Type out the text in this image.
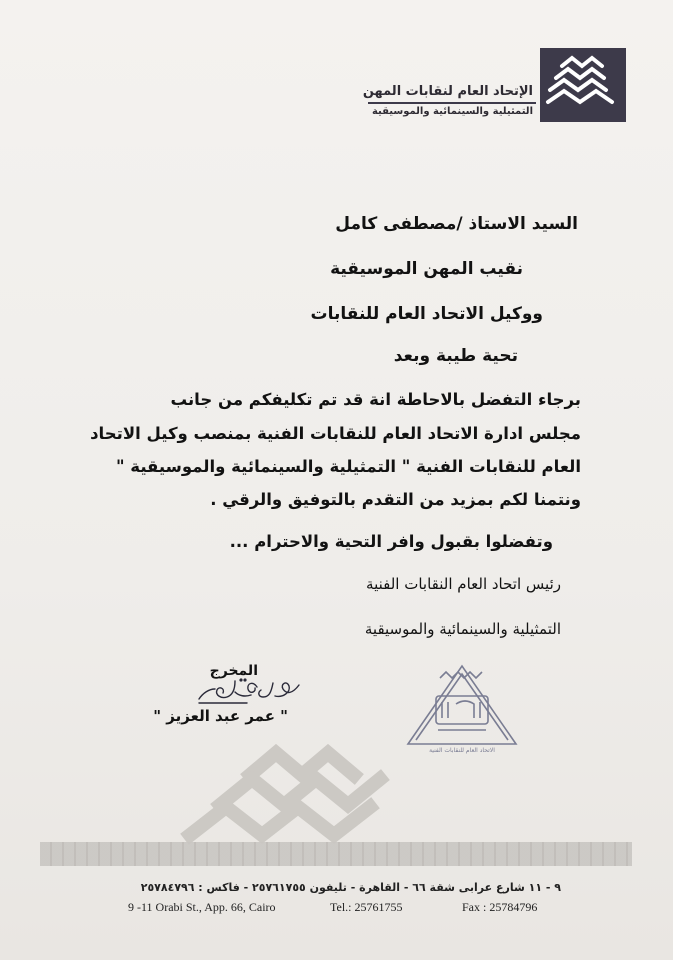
الإتحاد العام لنقابات المهن
التمثيلية والسينمائية والموسيقية
السيد الاستاذ /مصطفى كامل
نقيب المهن الموسيقية
ووكيل الاتحاد العام للنقابات
تحية طيبة وبعد
برجاء التفضل بالاحاطة انة قد تم تكليفكم من جانب
مجلس ادارة الاتحاد العام للنقابات الفنية بمنصب وكيل الاتحاد
العام للنقابات الفنية " التمثيلية والسينمائية والموسيقية "
ونتمنا لكم بمزيد من التقدم بالتوفيق والرقي .
وتفضلوا بقبول وافر التحية والاحترام ...
رئيس اتحاد العام النقابات الفنية
التمثيلية والسينمائية والموسيقية
المخرج
" عمر عبد العزيز "
الاتحاد العام للنقابات الفنية
٩ - ١١ شارع عرابى شقة ٦٦ - القاهرة - تليفون ٢٥٧٦١٧٥٥ - فاكس : ٢٥٧٨٤٧٩٦
9 -11 Orabi St., App. 66, Cairo	Tel.: 25761755	Fax : 25784796
